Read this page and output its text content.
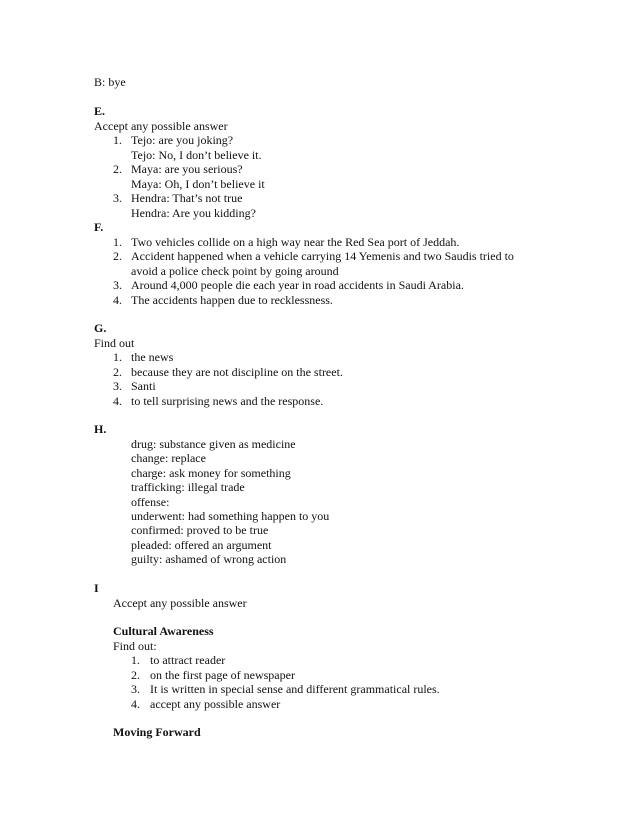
B: bye
E.
Accept any possible answer
1. Tejo: are you joking?
Tejo: No, I don’t believe it.
2. Maya: are you serious?
Maya: Oh, I don’t believe it
3. Hendra: That’s not true
Hendra: Are you kidding?
F.
1. Two vehicles collide on a high way near the Red Sea port of Jeddah.
2. Accident happened when a vehicle carrying 14 Yemenis and two Saudis tried to
avoid a police check point by going around
3. Around 4,000 people die each year in road accidents in Saudi Arabia.
4. The accidents happen due to recklessness.
G.
Find out
1. the news
2. because they are not discipline on the street.
3. Santi
4. to tell surprising news and the response.
H.
drug: substance given as medicine
change: replace
charge: ask money for something
trafficking: illegal trade
offense:
underwent: had something happen to you
confirmed: proved to be true
pleaded: offered an argument
guilty: ashamed of wrong action
I
Accept any possible answer
Cultural Awareness
Find out:
1. to attract reader
2. on the first page of newspaper
3. It is written in special sense and different grammatical rules.
4. accept any possible answer
Moving Forward
